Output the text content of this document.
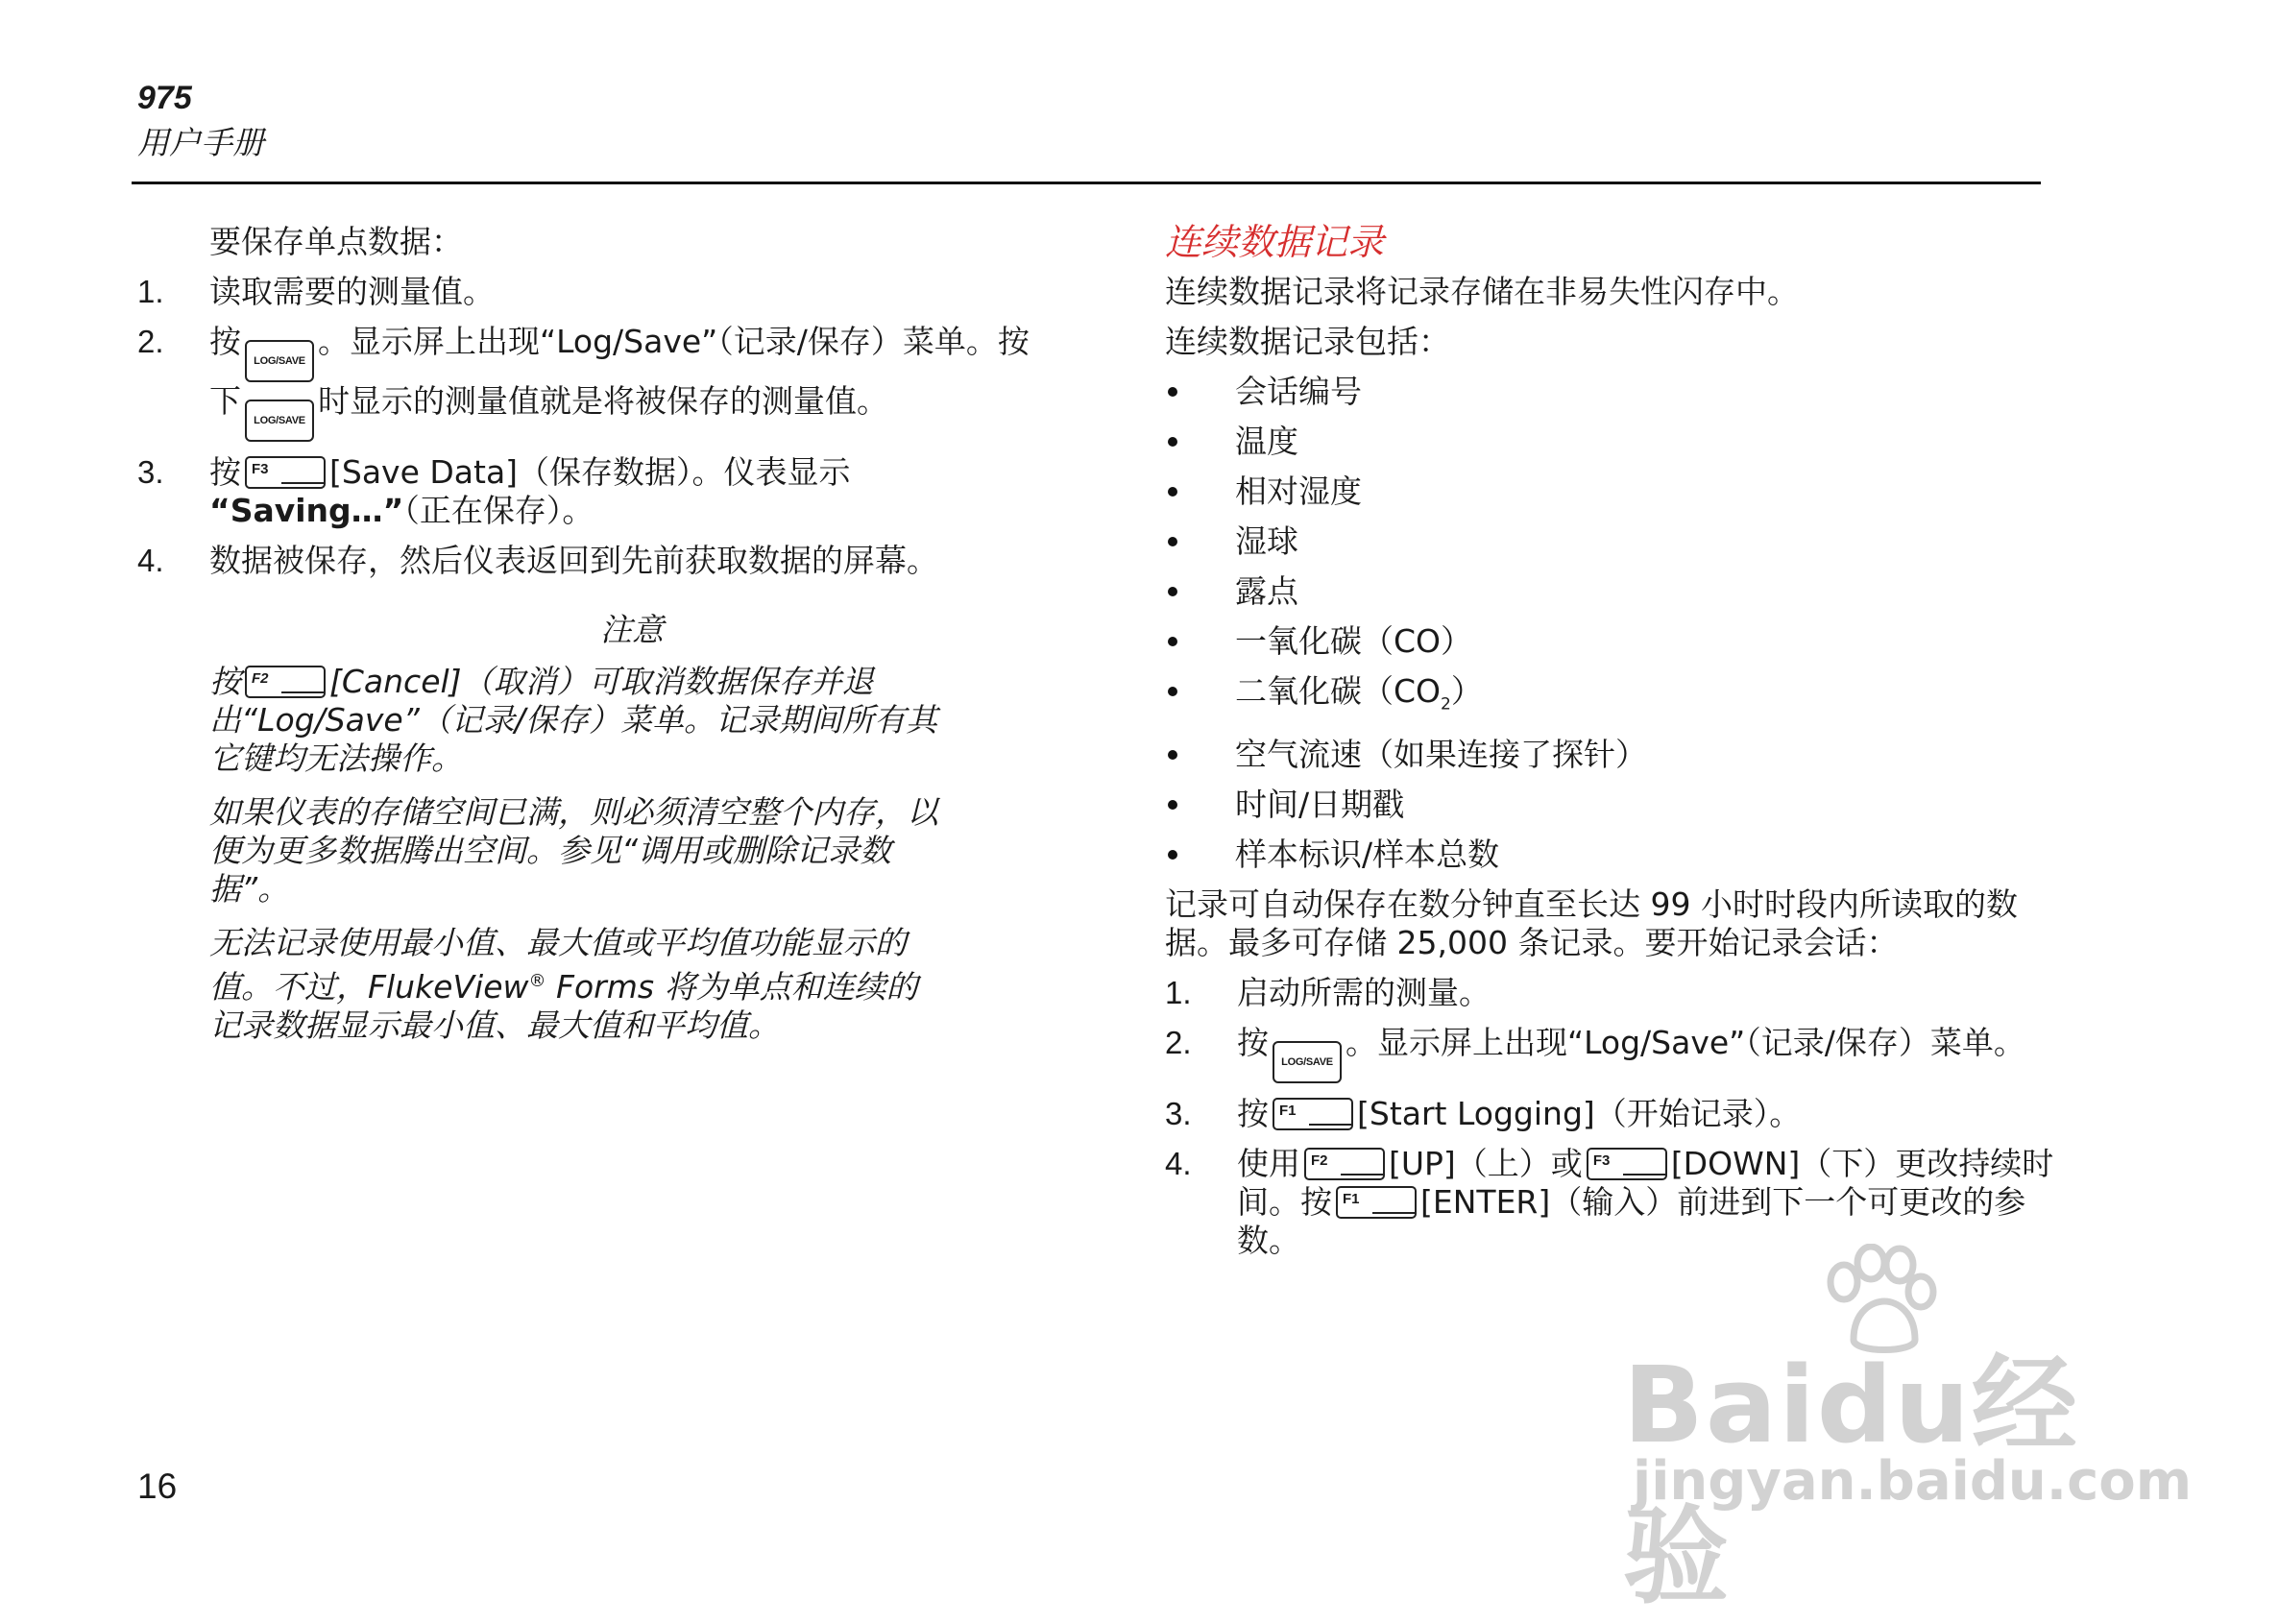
975
用户手册

要保存单点数据：

1. 读取需要的测量值。
2. 按LOG/SAVE。显示屏上出现“Log/Save”（记录/保存）菜单。按下LOG/SAVE时显示的测量值就是将被保存的测量值。
3. 按 F3 [Save Data]（保存数据）。仪表显示
“Saving…”（正在保存）。
4. 数据被保存，然后仪表返回到先前获取数据的屏幕。
注意

按 F2 [Cancel]（取消）可取消数据保存并退出“Log/Save”（记录/保存）菜单。记录期间所有其它键均无法操作。

如果仪表的存储空间已满，则必须清空整个内存，以便为更多数据腾出空间。参见“调用或删除记录数据”。

无法记录使用最小值、最大值或平均值功能显示的值。不过，FlukeView® Forms 将为单点和连续的记录数据显示最小值、最大值和平均值。

连续数据记录

连续数据记录将记录存储在非易失性闪存中。

连续数据记录包括：

会话编号
温度
相对湿度
湿球
露点
一氧化碳（CO）
二氧化碳$(CO_2)$
空气流速（如果连接了探针）
时间/日期戳
样本标识/样本总数

记录可自动保存在数分钟直至长达 99 小时时段内所读取的数据。最多可存储 25,000 条记录。要开始记录会话：

1. 启动所需的测量。
2. 按LOG/SAVE。显示屏上出现“Log/Save”（记录/保存）菜单。
3. 按 F1 [Start Logging]（开始记录）。
4. 使用 F2 [UP]（上）或 F3 [DOWN]（下）更改持续时间。按 F1 [ENTER]（输入）前进到下一个可更改的参数。
16
Baidu经验
jingyan.baidu.com
